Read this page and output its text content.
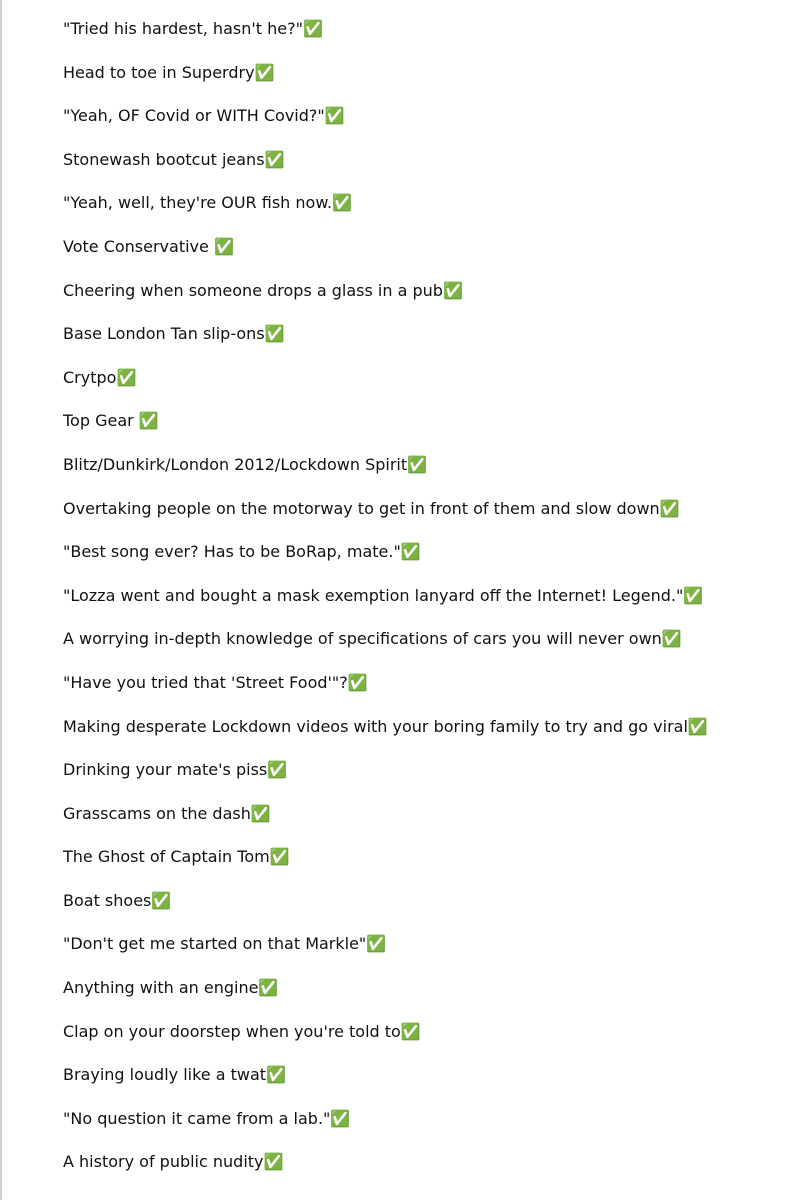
"Tried his hardest, hasn't he?"✅
Head to toe in Superdry✅
"Yeah, OF Covid or WITH Covid?"✅
Stonewash bootcut jeans✅
"Yeah, well, they're OUR fish now.✅
Vote Conservative ✅
Cheering when someone drops a glass in a pub✅
Base London Tan slip-ons✅
Crytpo✅
Top Gear ✅
Blitz/Dunkirk/London 2012/Lockdown Spirit✅
Overtaking people on the motorway to get in front of them and slow down✅
"Best song ever? Has to be BoRap, mate."✅
"Lozza went and bought a mask exemption lanyard off the Internet! Legend."✅
A worrying in-depth knowledge of specifications of cars you will never own✅
"Have you tried that 'Street Food'"?✅
Making desperate Lockdown videos with your boring family to try and go viral✅
Drinking your mate's piss✅
Grasscams on the dash✅
The Ghost of Captain Tom✅
Boat shoes✅
"Don't get me started on that Markle"✅
Anything with an engine✅
Clap on your doorstep when you're told to✅
Braying loudly like a twat✅
"No question it came from a lab."✅
A history of public nudity✅
